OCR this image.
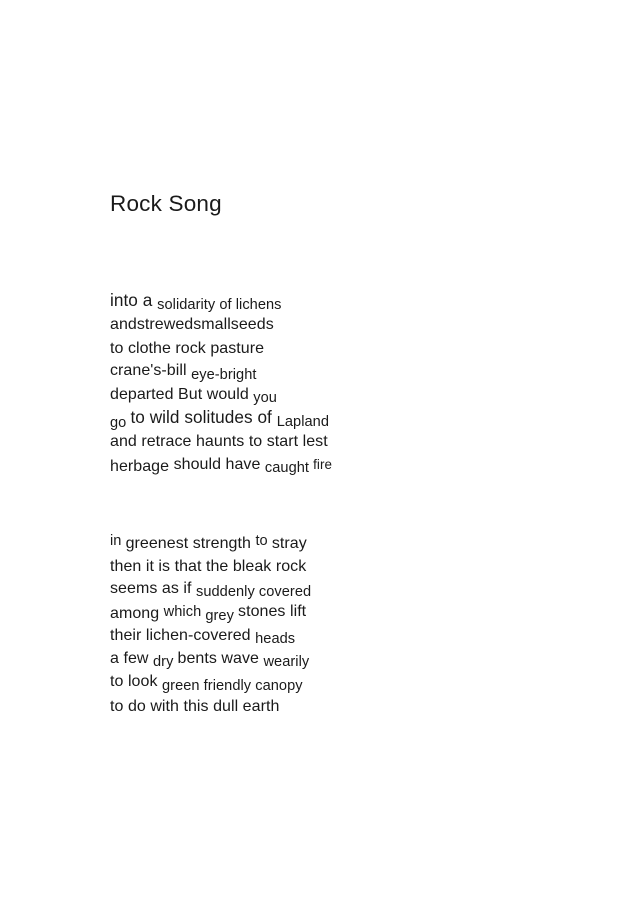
Rock Song
into a solidarity of lichens
andstrewedsmallseeds
to clothe rock pasture
crane's-bill eye-bright
departed But would you
go to wild solitudes of Lapland
and retrace haunts to start lest
herbage should have caught fire
in greenest strength to stray
then it is that the bleak rock
seems as if suddenly covered
among which grey stones lift
their lichen-covered heads
a few dry bents wave wearily
to look green friendly canopy
to do with this dull earth
